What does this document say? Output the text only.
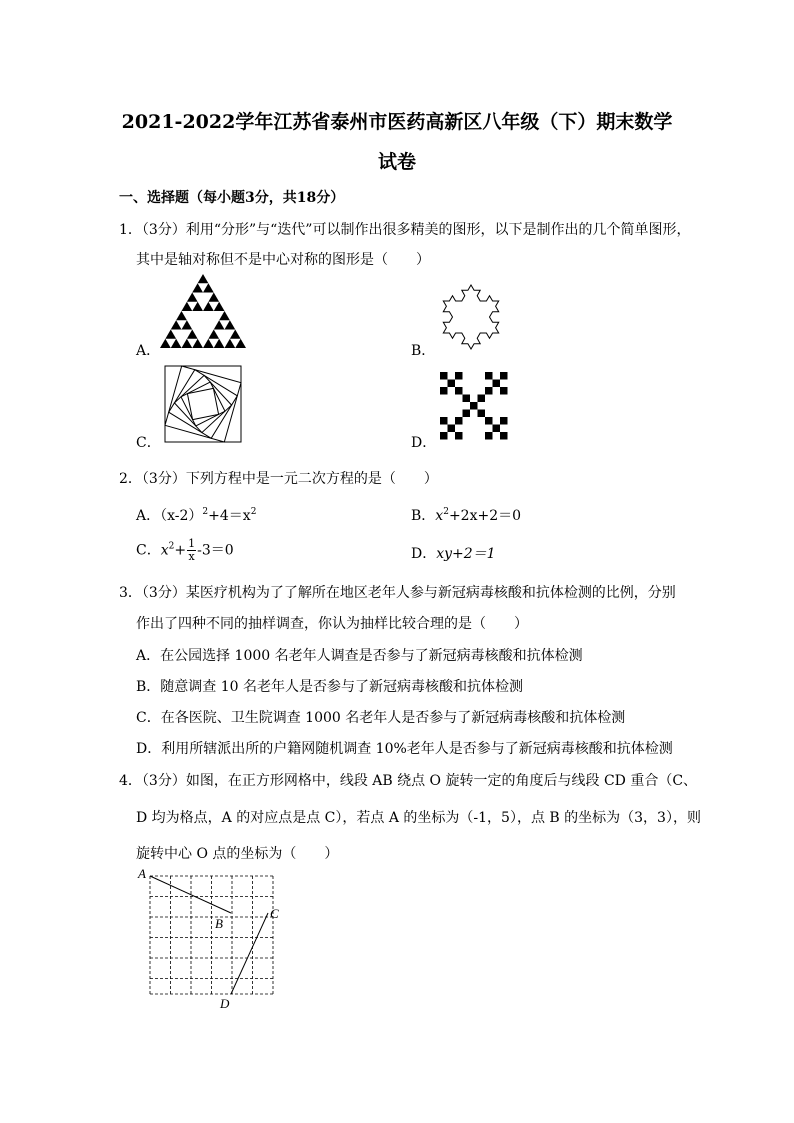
2021-2022学年江苏省泰州市医药高新区八年级（下）期末数学
试卷
一、选择题（每小题3分，共18分）
1．（3分）利用“分形”与“迭代”可以制作出很多精美的图形，以下是制作出的几个简单图形，
其中是轴对称但不是中心对称的图形是（　　）
A．	B．
C．	D．
2．（3分）下列方程中是一元二次方程的是（　　）
A．$(x-2)^2+4=x^2$	B．$x^2+2x+2=0$
C．$x^2+ \frac{1}{x} -3=0$	D．xy+2＝1
3．（3分）某医疗机构为了了解所在地区老年人参与新冠病毒核酸和抗体检测的比例，分别
作出了四种不同的抽样调查，你认为抽样比较合理的是（　　）
A．在公园选择 1000 名老年人调查是否参与了新冠病毒核酸和抗体检测
B．随意调查 10 名老年人是否参与了新冠病毒核酸和抗体检测
C．在各医院、卫生院调查 1000 名老年人是否参与了新冠病毒核酸和抗体检测
D．利用所辖派出所的户籍网随机调查 10%老年人是否参与了新冠病毒核酸和抗体检测
4．（3分）如图，在正方形网格中，线段 AB 绕点 O 旋转一定的角度后与线段 CD 重合（C、
D 均为格点，A 的对应点是点 C），若点 A 的坐标为（-1，5），点 B 的坐标为（3，3），则
旋转中心 O 点的坐标为（　　）
A
B
C
D
